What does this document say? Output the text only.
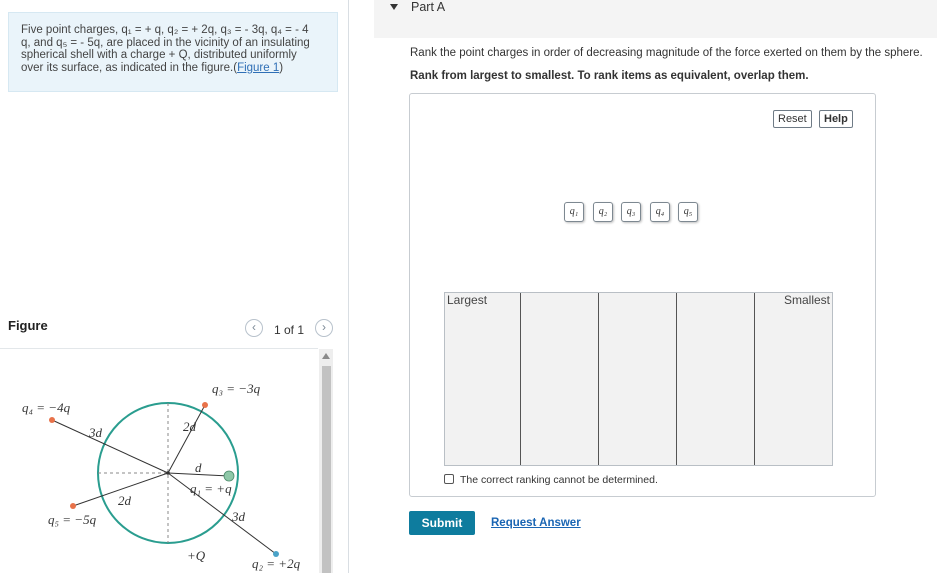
Five point charges, q₁ = + q, q₂ = + 2q, q₃ = - 3q, q₄ = - 4
q, and q₅ = - 5q, are placed in the vicinity of an insulating
spherical shell with a charge + Q, distributed uniformly
over its surface, as indicated in the figure.(Figure 1)
Figure	‹	1 of 1	›
q₄ = −4q
q₃ = −3q
q₁ = +q
q₅ = −5q
q₂ = +2q
+Q
d
3d	2d
2d
3d
Part A
Rank the point charges in order of decreasing magnitude of the force exerted on them by the sphere.
Rank from largest to smallest. To rank items as equivalent, overlap them.
Reset	Help
q₁	q₂	q₃	q₄	q₅
Largest	Smallest
The correct ranking cannot be determined.
Submit	Request Answer
